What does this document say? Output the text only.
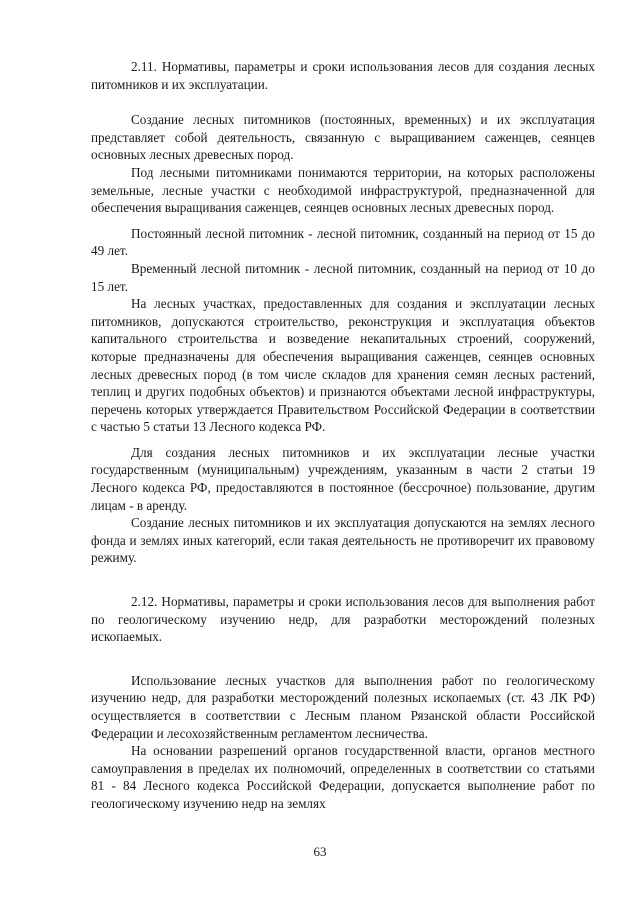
2.11. Нормативы, параметры и сроки использования лесов для создания лесных питомников и их эксплуатации.

Создание лесных питомников (постоянных, временных) и их эксплуатация представляет собой деятельность, связанную с выращиванием саженцев, сеянцев основных лесных древесных пород.

Под лесными питомниками понимаются территории, на которых расположены земельные, лесные участки с необходимой инфраструктурой, предназначенной для обеспечения выращивания саженцев, сеянцев основных лесных древесных пород.

Постоянный лесной питомник - лесной питомник, созданный на период от 15 до 49 лет.

Временный лесной питомник - лесной питомник, созданный на период от 10 до 15 лет.

На лесных участках, предоставленных для создания и эксплуатации лесных питомников, допускаются строительство, реконструкция и эксплуатация объектов капитального строительства и возведение некапитальных строений, сооружений, которые предназначены для обеспечения выращивания саженцев, сеянцев основных лесных древесных пород (в том числе складов для хранения семян лесных растений, теплиц и других подобных объектов) и признаются объектами лесной инфраструктуры, перечень которых утверждается Правительством Российской Федерации в соответствии с частью 5 статьи 13 Лесного кодекса РФ.

Для создания лесных питомников и их эксплуатации лесные участки государственным (муниципальным) учреждениям, указанным в части 2 статьи 19 Лесного кодекса РФ, предоставляются в постоянное (бессрочное) пользование, другим лицам - в аренду.

Создание лесных питомников и их эксплуатация допускаются на землях лесного фонда и землях иных категорий, если такая деятельность не противоречит их правовому режиму.

2.12. Нормативы, параметры и сроки использования лесов для выполнения работ по геологическому изучению недр, для разработки месторождений полезных ископаемых.

Использование лесных участков для выполнения работ по геологическому изучению недр, для разработки месторождений полезных ископаемых (ст. 43 ЛК РФ) осуществляется в соответствии с Лесным планом Рязанской области Российской Федерации и лесохозяйственным регламентом лесничества.

На основании разрешений органов государственной власти, органов местного самоуправления в пределах их полномочий, определенных в соответствии со статьями 81 - 84 Лесного кодекса Российской Федерации, допускается выполнение работ по геологическому изучению недр на землях

63
